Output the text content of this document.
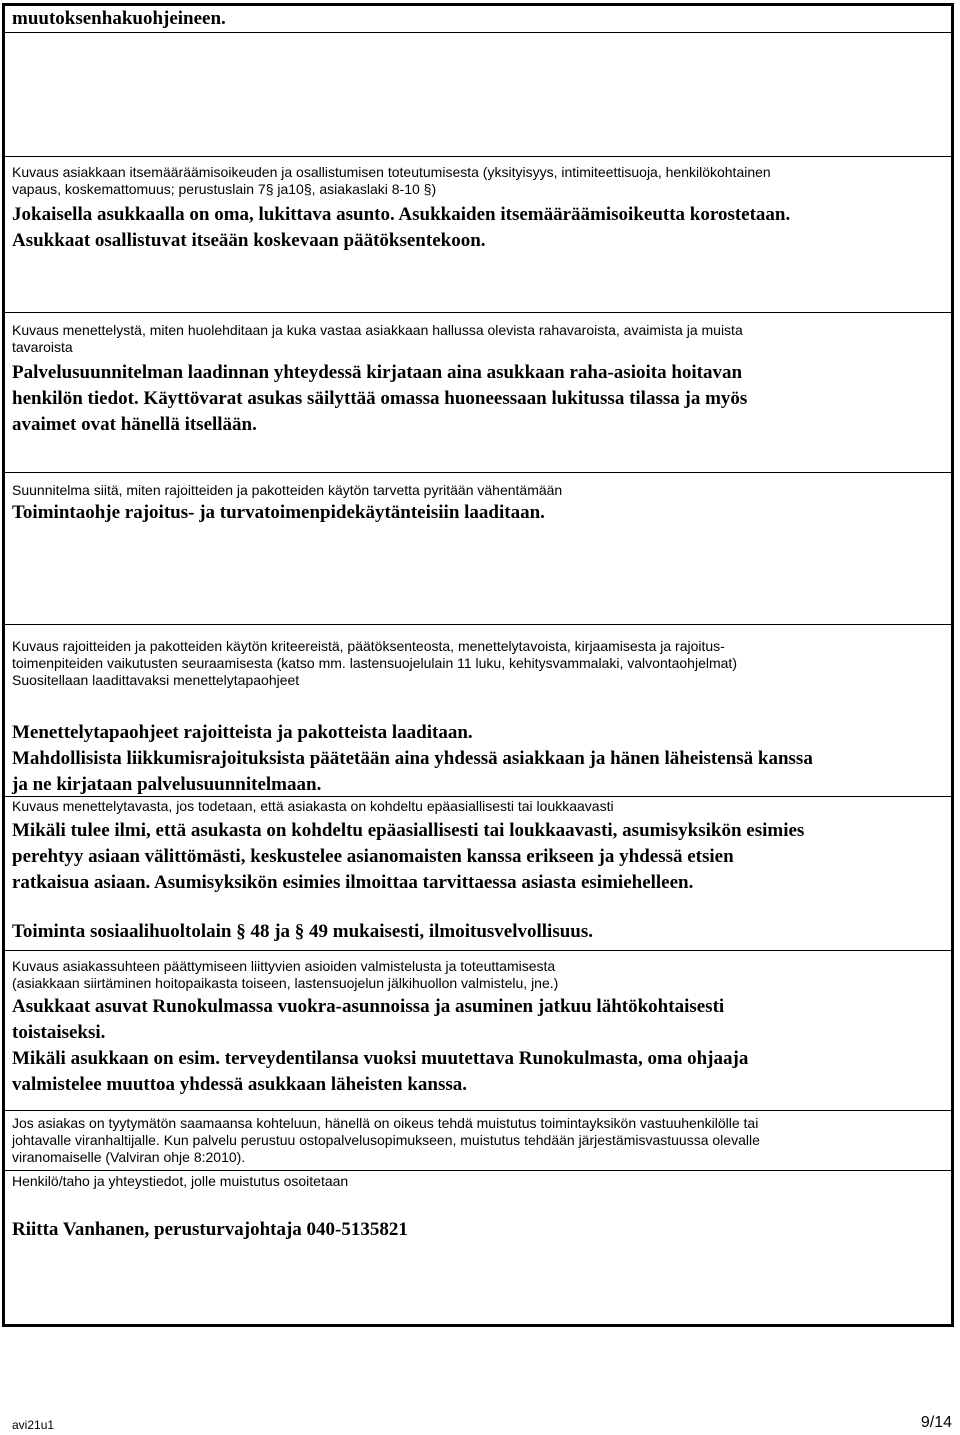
muutoksenhakuohjeineen.
Kuvaus asiakkaan itsemääräämisoikeuden ja osallistumisen toteutumisesta (yksityisyys, intimiteettisuoja, henkilökohtainen
vapaus, koskemattomuus; perustuslain 7§ ja10§, asiakaslaki 8-10 §)
Jokaisella asukkaalla on oma, lukittava asunto. Asukkaiden itsemääräämisoikeutta korostetaan.
Asukkaat osallistuvat itseään koskevaan päätöksentekoon.
Kuvaus menettelystä, miten huolehditaan ja kuka vastaa asiakkaan hallussa olevista rahavaroista, avaimista ja muista
tavaroista
Palvelusuunnitelman laadinnan yhteydessä kirjataan aina asukkaan raha-asioita hoitavan
henkilön tiedot. Käyttövarat asukas säilyttää omassa huoneessaan lukitussa tilassa ja myös
avaimet ovat hänellä itsellään.
Suunnitelma siitä, miten rajoitteiden ja pakotteiden käytön tarvetta pyritään vähentämään
Toimintaohje rajoitus- ja turvatoimenpidekäytänteisiin laaditaan.
Kuvaus rajoitteiden ja pakotteiden käytön kriteereistä, päätöksenteosta, menettelytavoista, kirjaamisesta ja rajoitus-
toimenpiteiden vaikutusten seuraamisesta (katso mm. lastensuojelulain 11 luku, kehitysvammalaki, valvontaohjelmat)
Suositellaan laadittavaksi menettelytapaohjeet
Menettelytapaohjeet rajoitteista ja pakotteista laaditaan.
Mahdollisista liikkumisrajoituksista päätetään aina yhdessä asiakkaan ja hänen läheistensä kanssa
ja ne kirjataan palvelusuunnitelmaan.
Kuvaus menettelytavasta, jos todetaan, että asiakasta on kohdeltu epäasiallisesti tai loukkaavasti
Mikäli tulee ilmi, että asukasta on kohdeltu epäasiallisesti tai loukkaavasti, asumisyksikön esimies
perehtyy asiaan välittömästi, keskustelee asianomaisten kanssa erikseen ja yhdessä etsien
ratkaisua asiaan. Asumisyksikön esimies ilmoittaa tarvittaessa asiasta esimiehelleen.
Toiminta sosiaalihuoltolain § 48 ja § 49 mukaisesti, ilmoitusvelvollisuus.
Kuvaus asiakassuhteen päättymiseen liittyvien asioiden valmistelusta ja toteuttamisesta
(asiakkaan siirtäminen hoitopaikasta toiseen, lastensuojelun jälkihuollon valmistelu, jne.)
Asukkaat asuvat Runokulmassa vuokra-asunnoissa ja asuminen jatkuu lähtökohtaisesti
toistaiseksi.
Mikäli asukkaan on esim. terveydentilansa vuoksi muutettava Runokulmasta, oma ohjaaja
valmistelee muuttoa yhdessä asukkaan läheisten kanssa.
Jos asiakas on tyytymätön saamaansa kohteluun, hänellä on oikeus tehdä muistutus toimintayksikön vastuuhenkilölle tai
johtavalle viranhaltijalle. Kun palvelu perustuu ostopalvelusopimukseen, muistutus tehdään järjestämisvastuussa olevalle
viranomaiselle (Valviran ohje 8:2010).
Henkilö/taho ja yhteystiedot, jolle muistutus osoitetaan
Riitta Vanhanen, perusturvajohtaja 040-5135821
avi21u1	9/14
